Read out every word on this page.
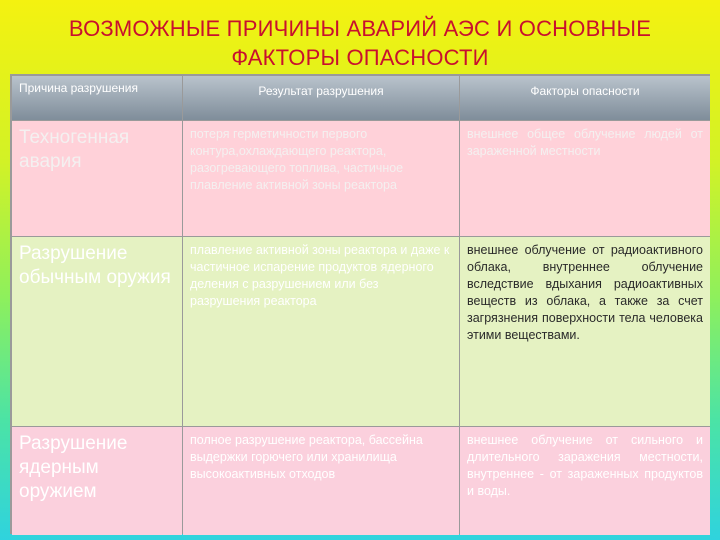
ВОЗМОЖНЫЕ ПРИЧИНЫ АВАРИЙ АЭС И ОСНОВНЫЕ
ФАКТОРЫ ОПАСНОСТИ
Причина разрушения	Результат разрушения	Факторы опасности
Техногенная авария
потеря герметичности первого контура,охлаждающего реактора, разогревающего топлива, частичное плавление активной зоны реактора
внешнее общее облучение людей от зараженной местности
Разрушение обычным оружия
плавление активной зоны реактора и даже к частичное испарение продуктов ядерного деления с разрушением или без разрушения реактора
внешнее облучение от радиоактивного облака, внутреннее облучение вследствие вдыхания радиоактивных веществ из облака, а также за счет загрязнения поверхности тела человека этими веществами.
Разрушение ядерным оружием
полное разрушение реактора, бассейна выдержки горючего или хранилища высокоактивных отходов
внешнее облучение от сильного и длительного заражения местности, внутреннее - от зараженных продуктов и воды.
